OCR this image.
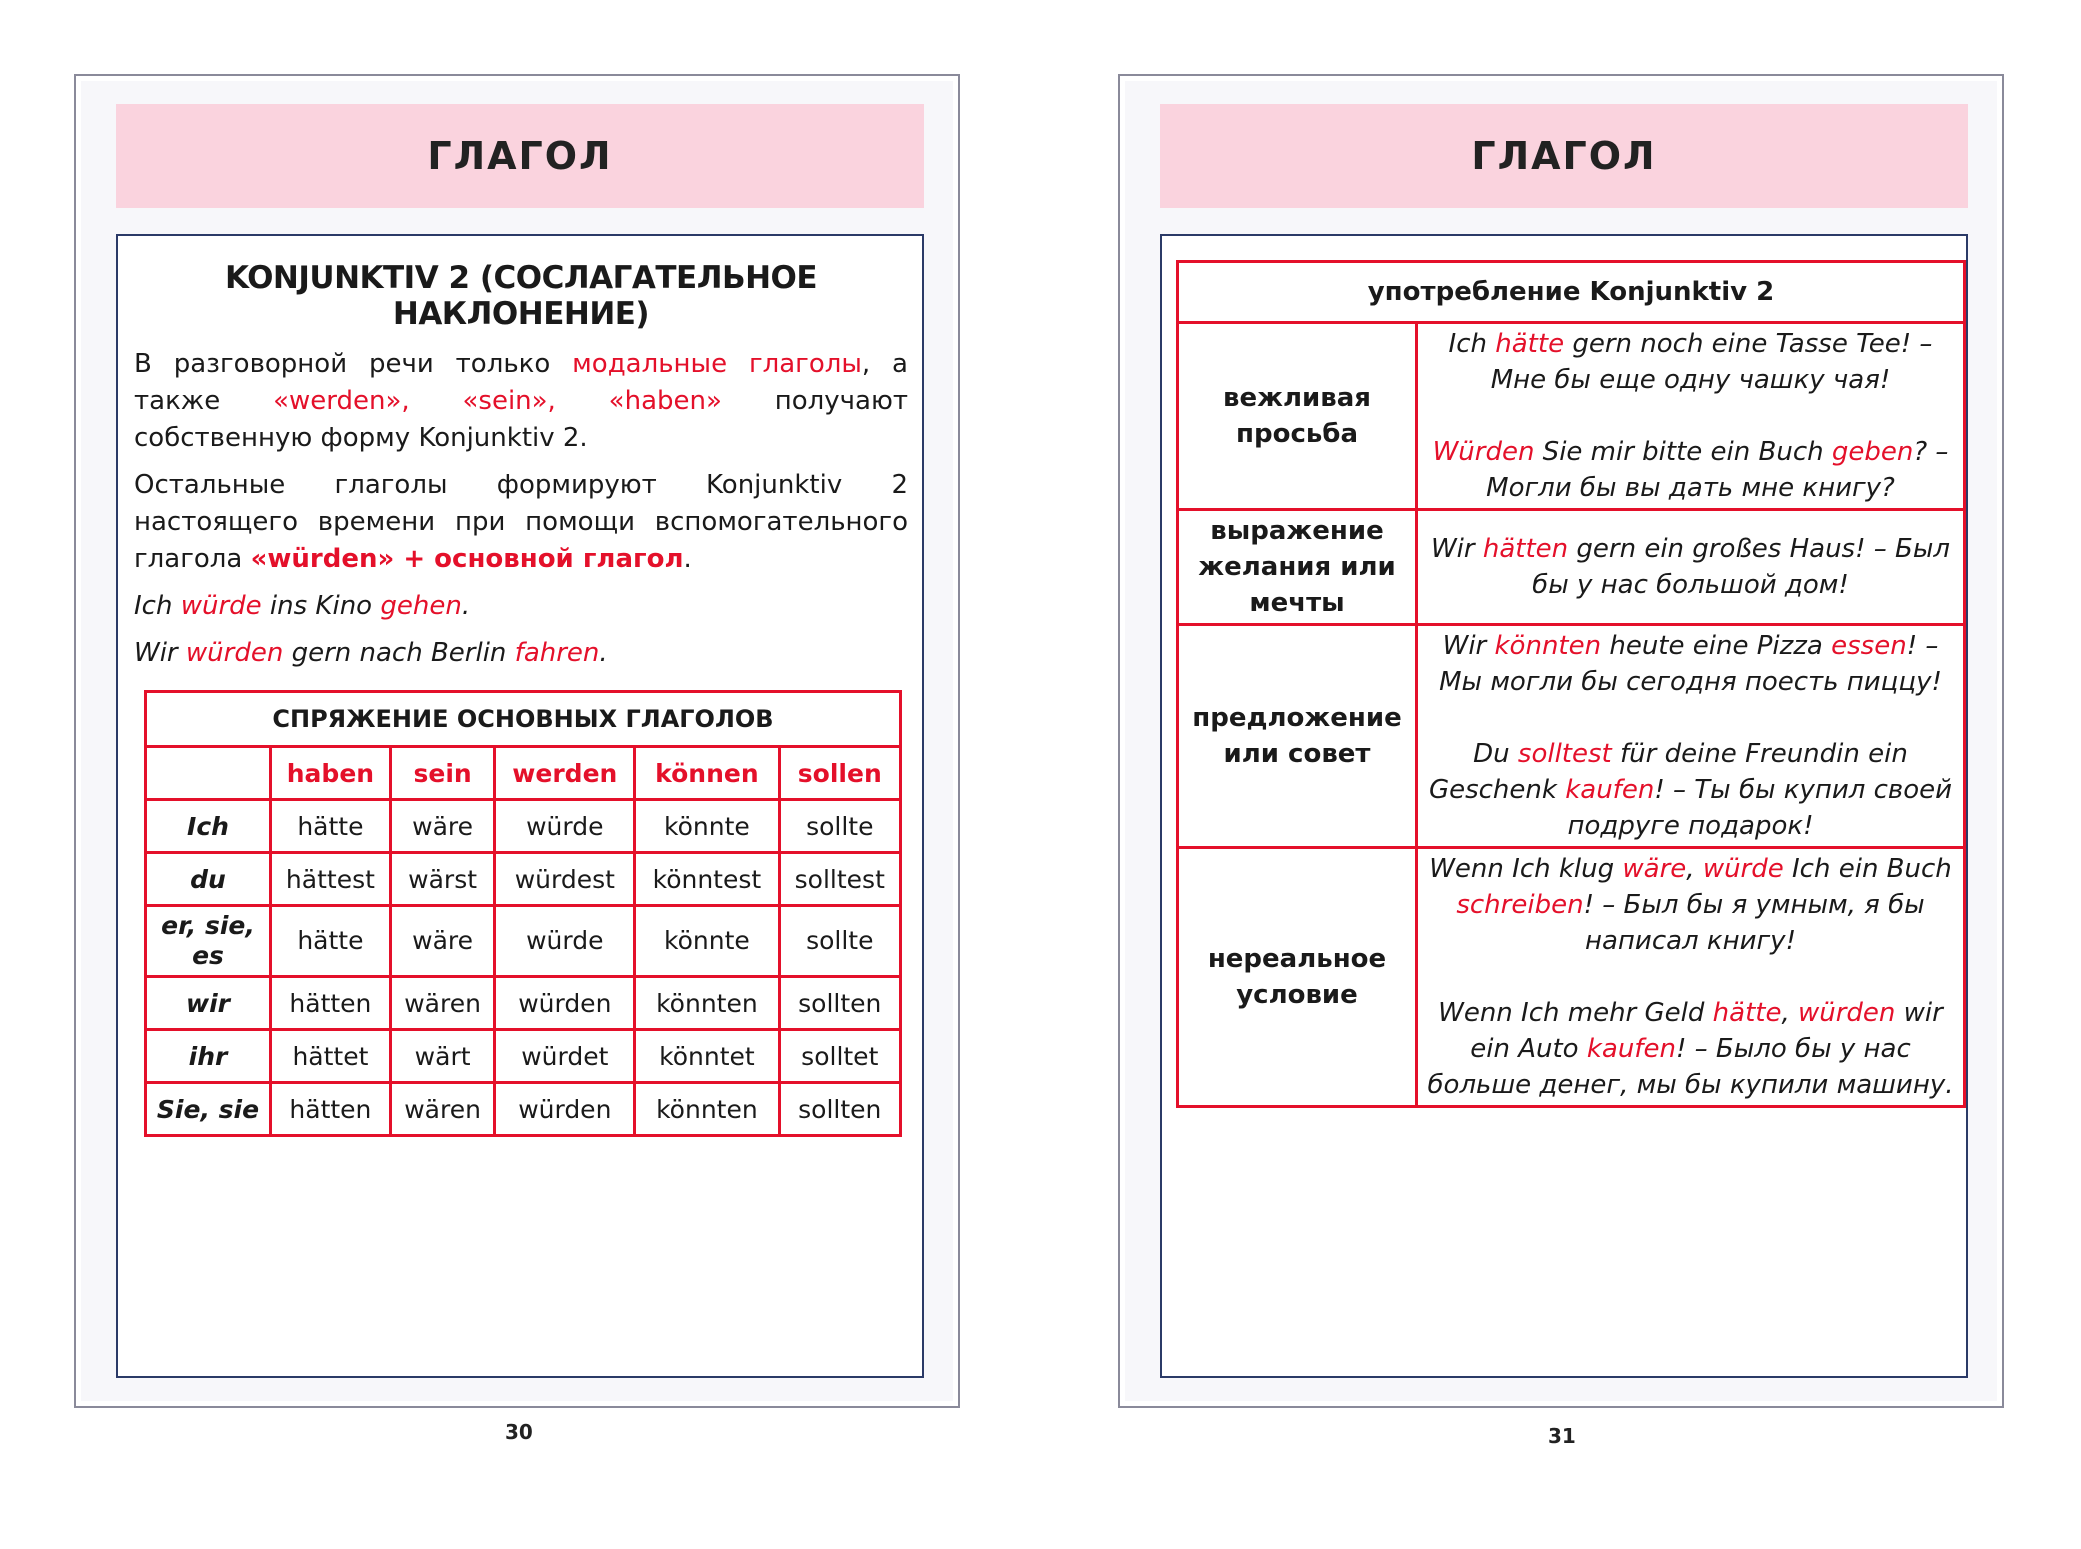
ГЛАГОЛ
KONJUNKTIV 2 (СОСЛАГАТЕЛЬНОЕ НАКЛОНЕНИЕ)

В разговорной речи только модальные глаголы, а также «werden», «sein», «haben» получают собственную форму Konjunktiv 2.

Остальные глаголы формируют Konjunktiv 2 настоящего времени при помощи вспомогательного глагола «würden» + основной глагол.

Ich würde ins Kino gehen.

Wir würden gern nach Berlin fahren.

СПРЯЖЕНИЕ ОСНОВНЫХ ГЛАГОЛОВ					
	haben	sein	werden	können	sollen
Ich	hätte	wäre	würde	könnte	sollte
du	hättest	wärst	würdest	könntest	solltest
er, sie, es	hätte	wäre	würde	könnte	sollte
wir	hätten	wären	würden	könnten	sollten
ihr	hättet	wärt	würdet	könntet	solltet
Sie, sie	hätten	wären	würden	könnten	sollten
30
ГЛАГОЛ
употребление Konjunktiv 2	
вежливая просьба	Ich hätte gern noch eine Tasse Tee! – Мне бы еще одну чашку чая!
Würden Sie mir bitte ein Buch geben? – Могли бы вы дать мне книгу?

выражение желания или мечты	Wir hätten gern ein großes Haus! – Был бы у нас большой дом!

предложение или совет	Wir könnten heute eine Pizza essen! – Мы могли бы сегодня поесть пиццу!
Du solltest für deine Freundin ein Geschenk kaufen! – Ты бы купил своей подруге подарок!

нереальное условие	Wenn Ich klug wäre, würde Ich ein Buch schreiben! – Был бы я умным, я бы написал книгу!
Wenn Ich mehr Geld hätte, würden wir ein Auto kaufen! – Было бы у нас больше денег, мы бы купили машину.
31
